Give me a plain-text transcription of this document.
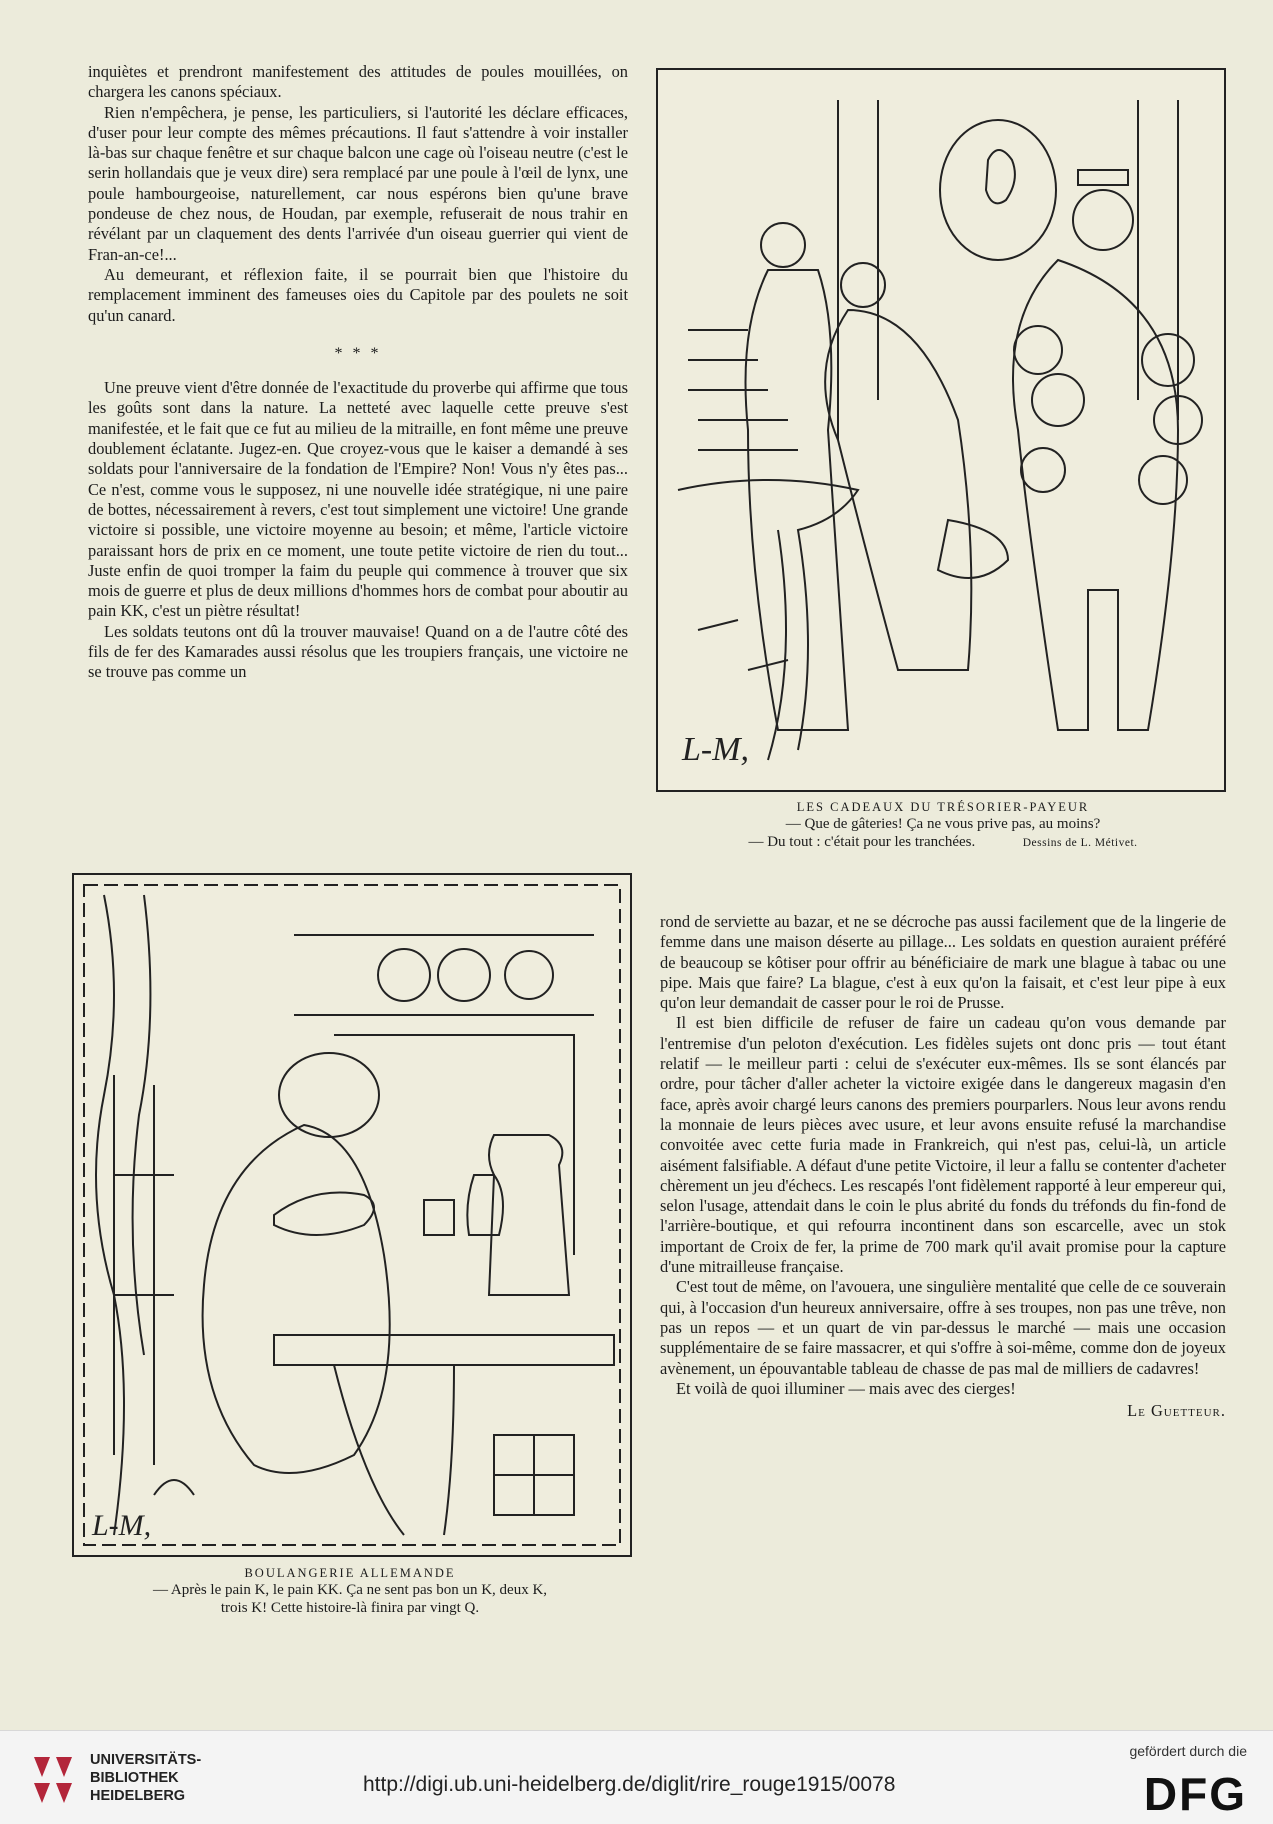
inquiètes et prendront manifestement des attitudes de poules mouillées, on chargera les canons spéciaux.

Rien n'empêchera, je pense, les particuliers, si l'autorité les déclare efficaces, d'user pour leur compte des mêmes précautions. Il faut s'attendre à voir installer là-bas sur chaque fenêtre et sur chaque balcon une cage où l'oiseau neutre (c'est le serin hollandais que je veux dire) sera remplacé par une poule à l'œil de lynx, une poule hambourgeoise, naturellement, car nous espérons bien qu'une brave pondeuse de chez nous, de Houdan, par exemple, refuserait de nous trahir en révélant par un claquement des dents l'arrivée d'un oiseau guerrier qui vient de Fran-an-ce!...

Au demeurant, et réflexion faite, il se pourrait bien que l'histoire du remplacement imminent des fameuses oies du Capitole par des poulets ne soit qu'un canard.

* * *

Une preuve vient d'être donnée de l'exactitude du proverbe qui affirme que tous les goûts sont dans la nature. La netteté avec laquelle cette preuve s'est manifestée, et le fait que ce fut au milieu de la mitraille, en font même une preuve doublement éclatante. Jugez-en. Que croyez-vous que le kaiser a demandé à ses soldats pour l'anniversaire de la fondation de l'Empire? Non! Vous n'y êtes pas... Ce n'est, comme vous le supposez, ni une nouvelle idée stratégique, ni une paire de bottes, nécessairement à revers, c'est tout simplement une victoire! Une grande victoire si possible, une victoire moyenne au besoin; et même, l'article victoire paraissant hors de prix en ce moment, une toute petite victoire de rien du tout... Juste enfin de quoi tromper la faim du peuple qui commence à trouver que six mois de guerre et plus de deux millions d'hommes hors de combat pour aboutir au pain KK, c'est un piètre résultat!

Les soldats teutons ont dû la trouver mauvaise! Quand on a de l'autre côté des fils de fer des Kamarades aussi résolus que les troupiers français, une victoire ne se trouve pas comme un

L-M,
LES CADEAUX DU TRÉSORIER-PAYEUR
— Que de gâteries! Ça ne vous prive pas, au moins?
— Du tout : c'était pour les tranchées.	Dessins de L. Métivet.
L-M,
BOULANGERIE ALLEMANDE
— Après le pain K, le pain KK. Ça ne sent pas bon un K, deux K,
trois K! Cette histoire-là finira par vingt Q.

rond de serviette au bazar, et ne se décroche pas aussi facilement que de la lingerie de femme dans une maison déserte au pillage... Les soldats en question auraient préféré de beaucoup se kôtiser pour offrir au bénéficiaire de mark une blague à tabac ou une pipe. Mais que faire? La blague, c'est à eux qu'on la faisait, et c'est leur pipe à eux qu'on leur demandait de casser pour le roi de Prusse.

Il est bien difficile de refuser de faire un cadeau qu'on vous demande par l'entremise d'un peloton d'exécution. Les fidèles sujets ont donc pris — tout étant relatif — le meilleur parti : celui de s'exécuter eux-mêmes. Ils se sont élancés par ordre, pour tâcher d'aller acheter la victoire exigée dans le dangereux magasin d'en face, après avoir chargé leurs canons des premiers pourparlers. Nous leur avons rendu la monnaie de leurs pièces avec usure, et leur avons ensuite refusé la marchandise convoitée avec cette furia made in Frankreich, qui n'est pas, celui-là, un article aisément falsifiable. A défaut d'une petite Victoire, il leur a fallu se contenter d'acheter chèrement un jeu d'échecs. Les rescapés l'ont fidèlement rapporté à leur empereur qui, selon l'usage, attendait dans le coin le plus abrité du fonds du tréfonds du fin-fond de l'arrière-boutique, et qui refourra incontinent dans son escarcelle, avec un stok important de Croix de fer, la prime de 700 mark qu'il avait promise pour la capture d'une mitrailleuse française.

C'est tout de même, on l'avouera, une singulière mentalité que celle de ce souverain qui, à l'occasion d'un heureux anniversaire, offre à ses troupes, non pas une trêve, non pas un repos — et un quart de vin par-dessus le marché — mais une occasion supplémentaire de se faire massacrer, et qui s'offre à soi-même, comme don de joyeux avènement, un épouvantable tableau de chasse de pas mal de milliers de cadavres!

Et voilà de quoi illuminer — mais avec des cierges!

Le Guetteur.
UNIVERSITÄTS-
BIBLIOTHEK
HEIDELBERG	http://digi.ub.uni-heidelberg.de/diglit/rire_rouge1915/0078
gefördert durch die
DFG
